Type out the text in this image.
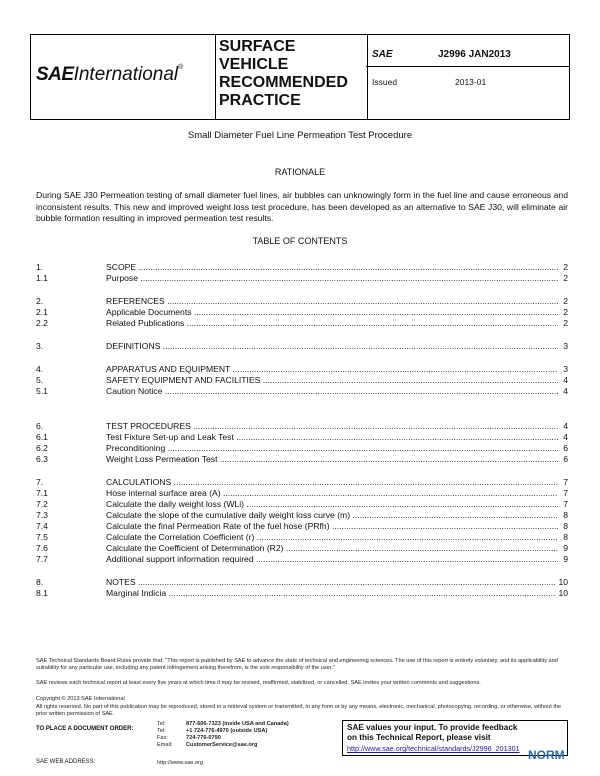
SAEInternational®
SURFACE
VEHICLE
RECOMMENDED
PRACTICE
SAE	J2996 JAN2013
Issued	2013-01
Small Diameter Fuel Line Permeation Test Procedure
RATIONALE
During SAE J30 Permeation testing of small diameter fuel lines, air bubbles can unknowingly form in the fuel line and cause erroneous and inconsistent results. This new and improved weight loss test procedure, has been developed as an alternative to SAE J30, will eliminate air bubble formation resulting in improved permeation test results.
TABLE OF CONTENTS
1.	SCOPE .....	2
1.1	Purpose .....	2
2.	REFERENCES .....	2
2.1	Applicable Documents .....	2
2.2	Related Publications .....	2
3.	DEFINITIONS .....	3
4.	APPARATUS AND EQUIPMENT .....	3
5.	SAFETY EQUIPMENT AND FACILITIES .....	4
5.1	Caution Notice .....	4
6.	TEST PROCEDURES .....	4
6.1	Test Fixture Set-up and Leak Test .....	4
6.2	Preconditioning .....	6
6.3	Weight Loss Permeation Test .....	6
7.	CALCULATIONS .....	7
7.1	Hose internal surface area (A) .....	7
7.2	Calculate the daily weight loss (WLi) .....	7
7.3	Calculate the slope of the cumulative daily weight loss curve (m) .....	8
7.4	Calculate the final Permeation Rate of the fuel hose (PRfh) .....	8
7.5	Calculate the Correlation Coefficient (r) .....	8
7.6	Calculate the Coefficient of Determination (R2) .....	9
7.7	Additional support information required .....	9
8.	NOTES .....	10
8.1	Marginal Indicia .....	10
SAE Technical Standards Board Rules provide that: "This report is published by SAE to advance the state of technical and engineering sciences. The use of this report is entirely voluntary, and its applicability and suitability for any particular use, including any patent infringement arising therefrom, is the sole responsibility of the user."
SAE reviews each technical report at least every five years at which time it may be revised, reaffirmed, stabilized, or cancelled. SAE invites your written comments and suggestions.
Copyright © 2013 SAE International
All rights reserved. No part of this publication may be reproduced, stored in a retrieval system or transmitted, in any form or by any means, electronic, mechanical, photocopying, recording, or otherwise, without the prior written permission of SAE.
TO PLACE A DOCUMENT ORDER:
Tel:	877-606-7323 (inside USA and Canada)
Tel:	+1 724-776-4970 (outside USA)
Fax:	724-776-0790
Email: CustomerService@sae.org
SAE WEB ADDRESS:	http://www.sae.org
SAE values your input. To provide feedback
on this Technical Report, please visit
http://www.sae.org/technical/standards/J2996_201301 NORM
